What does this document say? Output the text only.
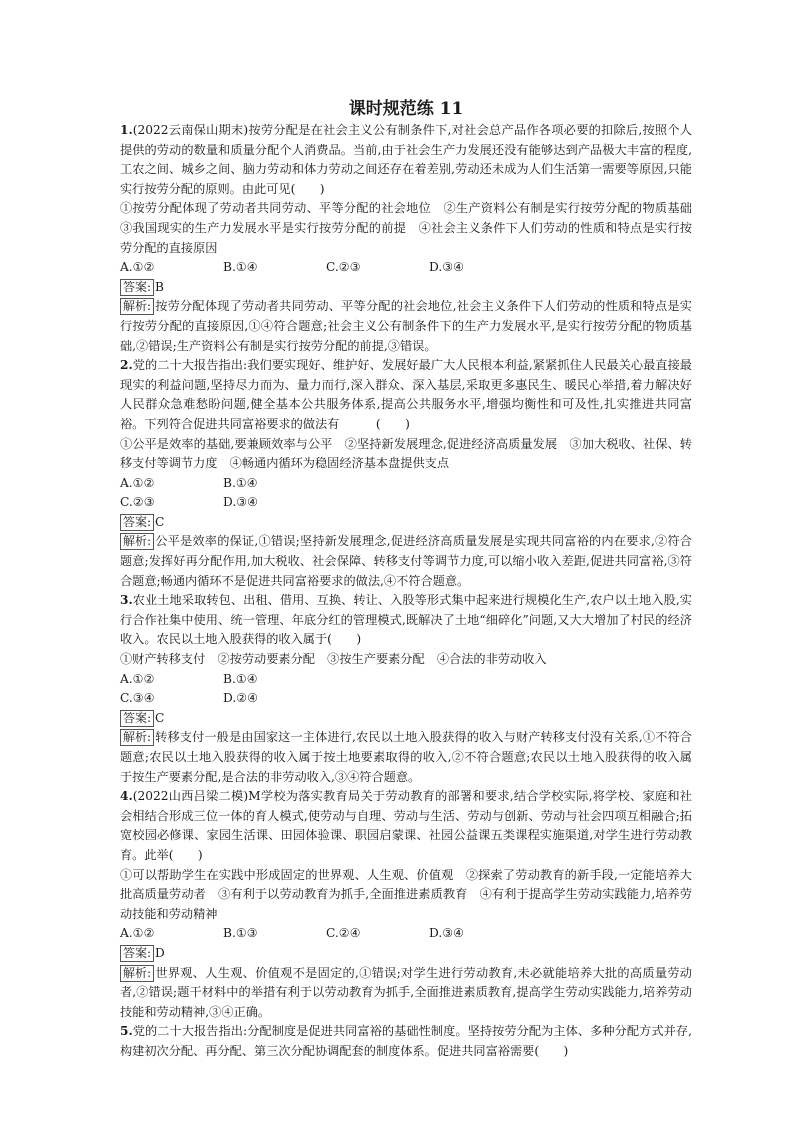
课时规范练 11

1.(2022云南保山期末)按劳分配是在社会主义公有制条件下,对社会总产品作各项必要的扣除后,按照个人提供的劳动的数量和质量分配个人消费品。当前,由于社会生产力发展还没有能够达到产品极大丰富的程度,工农之间、城乡之间、脑力劳动和体力劳动之间还存在着差别,劳动还未成为人们生活第一需要等原因,只能实行按劳分配的原则。由此可见(　　)

①按劳分配体现了劳动者共同劳动、平等分配的社会地位　②生产资料公有制是实行按劳分配的物质基础　③我国现实的生产力发展水平是实行按劳分配的前提　④社会主义条件下人们劳动的性质和特点是实行按劳分配的直接原因

A.①②	B.①④	C.②③	D.③④

答案: B

解析: 按劳分配体现了劳动者共同劳动、平等分配的社会地位,社会主义条件下人们劳动的性质和特点是实行按劳分配的直接原因,①④符合题意;社会主义公有制条件下的生产力发展水平,是实行按劳分配的物质基础,②错误;生产资料公有制是实行按劳分配的前提,③错误。

2.党的二十大报告指出:我们要实现好、维护好、发展好最广大人民根本利益,紧紧抓住人民最关心最直接最现实的利益问题,坚持尽力而为、量力而行,深入群众、深入基层,采取更多惠民生、暖民心举措,着力解决好人民群众急难愁盼问题,健全基本公共服务体系,提高公共服务水平,增强均衡性和可及性,扎实推进共同富裕。下列符合促进共同富裕要求的做法有　　　(　　)

①公平是效率的基础,要兼顾效率与公平　②坚持新发展理念,促进经济高质量发展　③加大税收、社保、转移支付等调节力度　④畅通内循环为稳固经济基本盘提供支点

A.①②	B.①④
C.②③	D.③④

答案: C

解析: 公平是效率的保证,①错误;坚持新发展理念,促进经济高质量发展是实现共同富裕的内在要求,②符合题意;发挥好再分配作用,加大税收、社会保障、转移支付等调节力度,可以缩小收入差距,促进共同富裕,③符合题意;畅通内循环不是促进共同富裕要求的做法,④不符合题意。

3.农业土地采取转包、出租、借用、互换、转让、入股等形式集中起来进行规模化生产,农户以土地入股,实行合作社集中使用、统一管理、年底分红的管理模式,既解决了土地“细碎化”问题,又大大增加了村民的经济收入。农民以土地入股获得的收入属于(　　)

①财产转移支付　②按劳动要素分配　③按生产要素分配　④合法的非劳动收入

A.①②	B.①④
C.③④	D.②④

答案: C

解析: 转移支付一般是由国家这一主体进行,农民以土地入股获得的收入与财产转移支付没有关系,①不符合题意;农民以土地入股获得的收入属于按土地要素取得的收入,②不符合题意;农民以土地入股获得的收入属于按生产要素分配,是合法的非劳动收入,③④符合题意。

4.(2022山西吕梁二模)M学校为落实教育局关于劳动教育的部署和要求,结合学校实际,将学校、家庭和社会相结合形成三位一体的育人模式,使劳动与自理、劳动与生活、劳动与创新、劳动与社会四项互相融合;拓宽校园必修课、家园生活课、田园体验课、职园启蒙课、社园公益课五类课程实施渠道,对学生进行劳动教育。此举(　　)

①可以帮助学生在实践中形成固定的世界观、人生观、价值观　②探索了劳动教育的新手段,一定能培养大批高质量劳动者　③有利于以劳动教育为抓手,全面推进素质教育　④有利于提高学生劳动实践能力,培养劳动技能和劳动精神

A.①②	B.①③	C.②④	D.③④

答案: D

解析: 世界观、人生观、价值观不是固定的,①错误;对学生进行劳动教育,未必就能培养大批的高质量劳动者,②错误;题干材料中的举措有利于以劳动教育为抓手,全面推进素质教育,提高学生劳动实践能力,培养劳动技能和劳动精神,③④正确。

5.党的二十大报告指出:分配制度是促进共同富裕的基础性制度。坚持按劳分配为主体、多种分配方式并存,构建初次分配、再分配、第三次分配协调配套的制度体系。促进共同富裕需要(　　)
